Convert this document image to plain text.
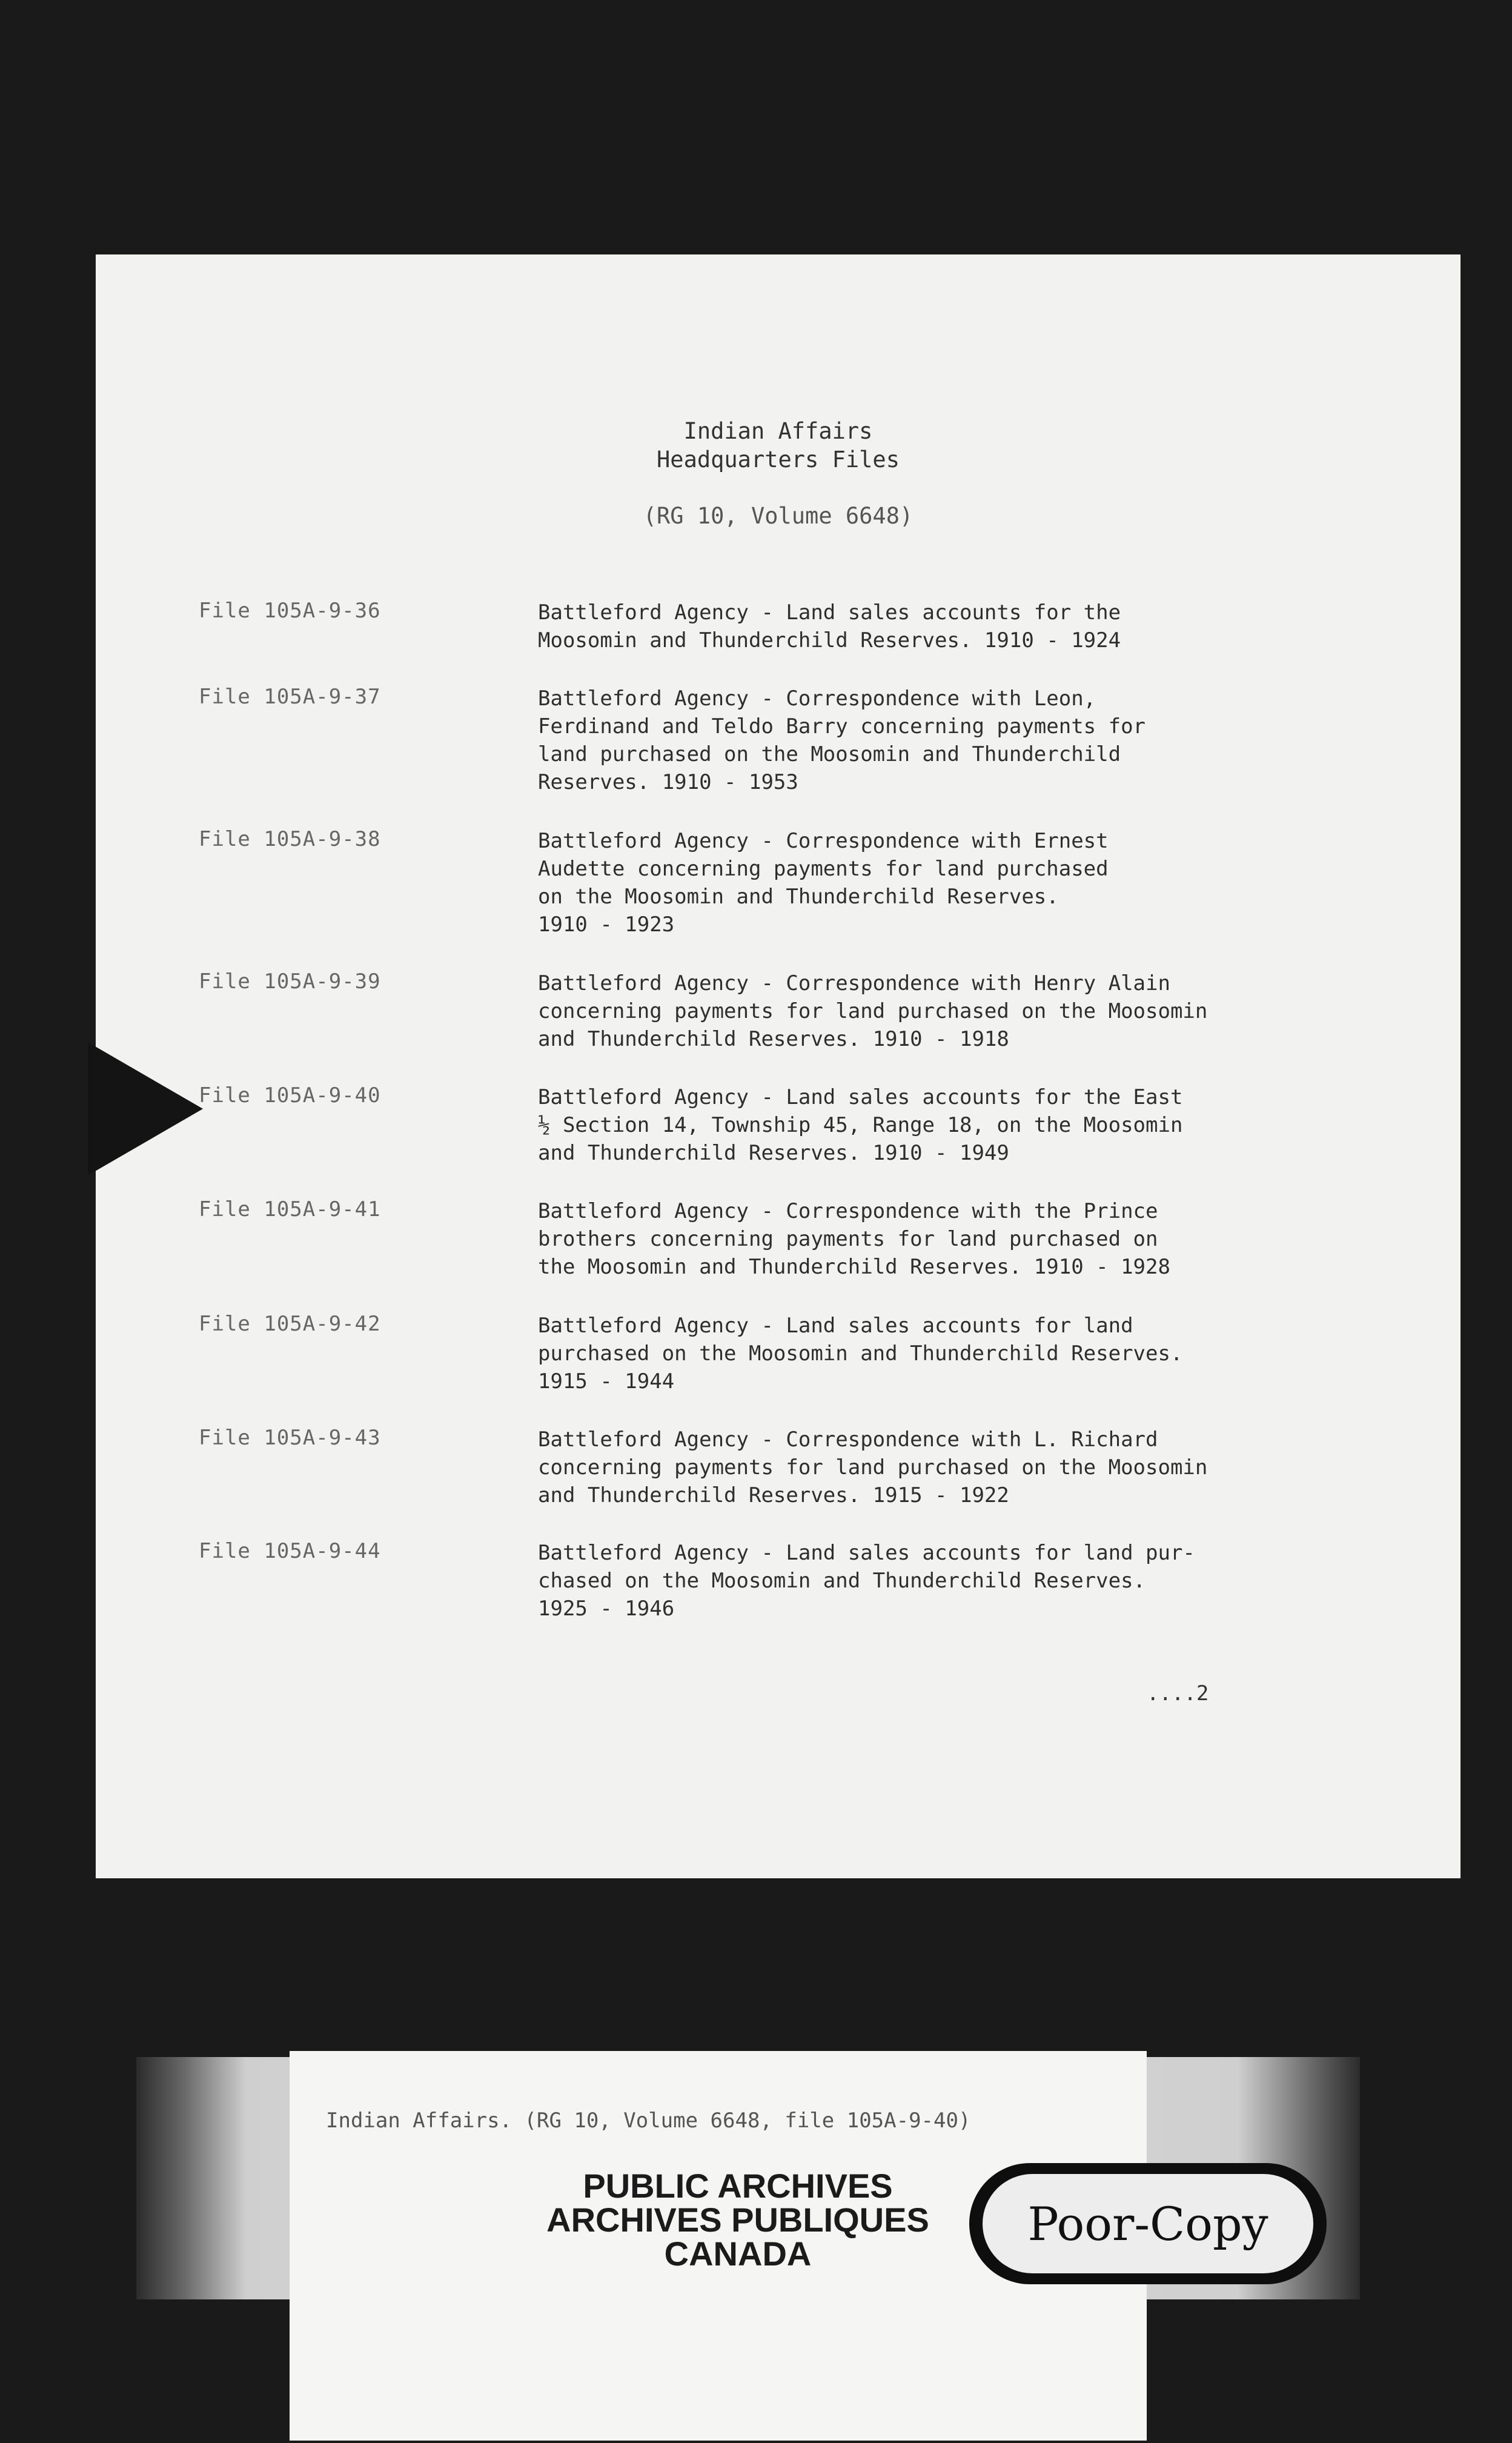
Indian Affairs
Headquarters Files
(RG 10, Volume 6648)
File 105A-9-36	Battleford Agency - Land sales accounts for the
Moosomin and Thunderchild Reserves. 1910 - 1924
File 105A-9-37	Battleford Agency - Correspondence with Leon,
Ferdinand and Teldo Barry concerning payments for
land purchased on the Moosomin and Thunderchild
Reserves. 1910 - 1953
File 105A-9-38	Battleford Agency - Correspondence with Ernest
Audette concerning payments for land purchased
on the Moosomin and Thunderchild Reserves.
1910 - 1923
File 105A-9-39	Battleford Agency - Correspondence with Henry Alain
concerning payments for land purchased on the Moosomin
and Thunderchild Reserves. 1910 - 1918
File 105A-9-40	Battleford Agency - Land sales accounts for the East
½ Section 14, Township 45, Range 18, on the Moosomin
and Thunderchild Reserves. 1910 - 1949
File 105A-9-41	Battleford Agency - Correspondence with the Prince
brothers concerning payments for land purchased on
the Moosomin and Thunderchild Reserves. 1910 - 1928
File 105A-9-42	Battleford Agency - Land sales accounts for land
purchased on the Moosomin and Thunderchild Reserves.
1915 - 1944
File 105A-9-43	Battleford Agency - Correspondence with L. Richard
concerning payments for land purchased on the Moosomin
and Thunderchild Reserves. 1915 - 1922
File 105A-9-44	Battleford Agency - Land sales accounts for land pur-
chased on the Moosomin and Thunderchild Reserves.
1925 - 1946
....2
Indian Affairs. (RG 10, Volume 6648, file 105A-9-40)
PUBLIC ARCHIVES
ARCHIVES PUBLIQUES
CANADA
Poor-Copy
